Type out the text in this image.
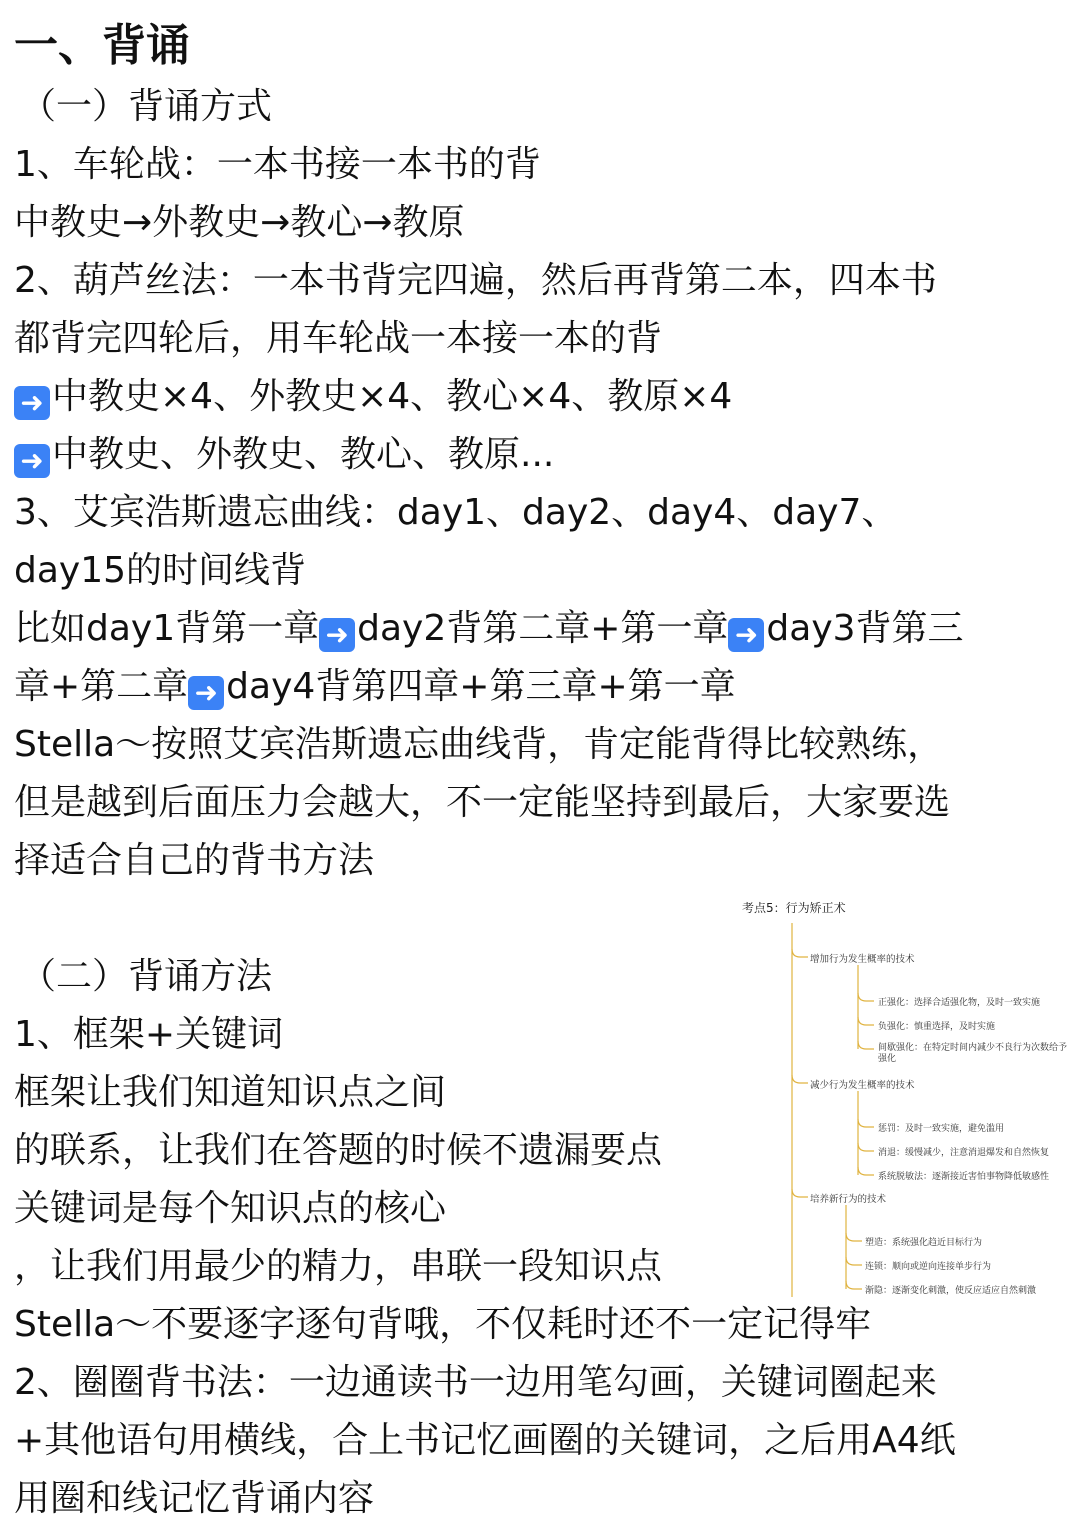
一、背诵

（一）背诵方式

1、车轮战：一本书接一本书的背

中教史→外教史→教心→教原

2、葫芦丝法：一本书背完四遍，然后再背第二本，四本书

都背完四轮后，用车轮战一本接一本的背

➜ 中教史×4、外教史×4、教心×4、教原×4

➜ 中教史、外教史、教心、教原...

3、艾宾浩斯遗忘曲线：day1、day2、day4、day7、

day15的时间线背

比如day1背第一章 ➜ day2背第二章+第一章 ➜ day3背第三

章+第二章 ➜ day4背第四章+第三章+第一章

Stella～按照艾宾浩斯遗忘曲线背，肯定能背得比较熟练，

但是越到后面压力会越大，不一定能坚持到最后，大家要选

择适合自己的背书方法

（二）背诵方法

1、框架+关键词

框架让我们知道知识点之间

的联系，让我们在答题的时候不遗漏要点

关键词是每个知识点的核心

，让我们用最少的精力，串联一段知识点

Stella～不要逐字逐句背哦，不仅耗时还不一定记得牢

2、圈圈背书法：一边通读书一边用笔勾画，关键词圈起来

+其他语句用横线，合上书记忆画圈的关键词，之后用A4纸

用圈和线记忆背诵内容

考点5：行为矫正术
增加行为发生概率的技术
正强化：选择合适强化物，及时一致实施
负强化：慎重选择，及时实施
间歇强化：在特定时间内减少不良行为次数给予强化
减少行为发生概率的技术
惩罚：及时一致实施，避免滥用
消退：缓慢减少，注意消退爆发和自然恢复
系统脱敏法：逐渐接近害怕事物降低敏感性
培养新行为的技术
塑造：系统强化趋近目标行为
连锁：顺向或逆向连接单步行为
渐隐：逐渐变化刺激，使反应适应自然刺激
